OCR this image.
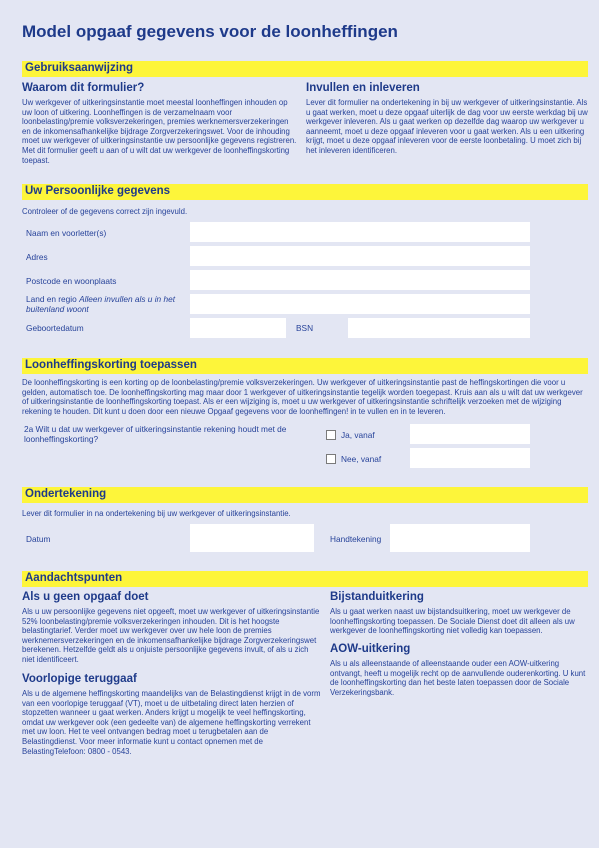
Model opgaaf gegevens voor de loonheffingen
Gebruiksaanwijzing
Waarom dit formulier?
Uw werkgever of uitkeringsinstantie moet meestal loonheffingen inhouden op uw loon of uitkering. Loonheffingen is de verzamelnaam voor loonbelasting/premie volksverzekeringen, premies werknemersverzekeringen en de inkomensafhankelijke bijdrage Zorgverzekeringswet. Voor de inhouding moet uw werkgever of uitkeringsinstantie uw persoonlijke gegevens registreren. Met dit formulier geeft u aan of u wilt dat uw werkgever de loonheffingskorting toepast.
Invullen en inleveren
Lever dit formulier na ondertekening in bij uw werkgever of uitkeringsinstantie. Als u gaat werken, moet u deze opgaaf uiterlijk de dag voor uw eerste werkdag bij uw werkgever inleveren. Als u gaat werken op dezelfde dag waarop uw werkgever u aanneemt, moet u deze opgaaf inleveren voor u gaat werken. Als u een uitkering krijgt, moet u deze opgaaf inleveren voor de eerste loonbetaling. U moet zich bij het inleveren identificeren.
Uw Persoonlijke gegevens
Controleer of de gegevens correct zijn ingevuld.
Naam en voorletter(s)
Adres
Postcode en woonplaats
Land en regio Alleen invullen als u in het buitenland woont
Geboortedatum	BSN
Loonheffingskorting toepassen
De loonheffingskorting is een korting op de loonbelasting/premie volksverzekeringen. Uw werkgever of uitkeringsinstantie past de heffingskortingen die voor u gelden, automatisch toe. De loonheffingskorting mag maar door 1 werkgever of uitkeringsinstantie tegelijk worden toegepast. Kruis aan als u wilt dat uw werkgever of uitkeringsinstantie de loonheffingskorting toepast. Als er een wijziging is, moet u uw werkgever of uitkeringsinstantie schriftelijk verzoeken met de wijziging rekening te houden. Dit kunt u doen door een nieuwe Opgaaf gegevens voor de loonheffingen! in te vullen en in te leveren.
2a Wilt u dat uw werkgever of uitkeringsinstantie rekening houdt met de loonheffingskorting?	Ja, vanaf
Nee, vanaf
Ondertekening
Lever dit formulier in na ondertekening bij uw werkgever of uitkeringsinstantie.
Datum	Handtekening
Aandachtspunten
Als u geen opgaaf doet
Als u uw persoonlijke gegevens niet opgeeft, moet uw werkgever of uitkeringsinstantie 52% loonbelasting/premie volksverzekeringen inhouden. Dit is het hoogste belastingtarief. Verder moet uw werkgever over uw hele loon de premies werknemersverzekeringen en de inkomensafhankelijke bijdrage Zorgverzekeringswet berekenen. Hetzelfde geldt als u onjuiste persoonlijke gegevens invult, of als u zich niet identificeert.
Voorlopige teruggaaf
Als u de algemene heffingskorting maandelijks van de Belastingdienst krijgt in de vorm van een voorlopige teruggaaf (VT), moet u de uitbetaling direct laten herzien of stopzetten wanneer u gaat werken. Anders krijgt u mogelijk te veel heffingskorting, omdat uw werkgever ook (een gedeelte van) de algemene heffingskorting verrekent met uw loon. Het te veel ontvangen bedrag moet u terugbetalen aan de Belastingdienst. Voor meer informatie kunt u contact opnemen met de BelastingTelefoon: 0800 - 0543.
Bijstanduitkering
Als u gaat werken naast uw bijstandsuitkering, moet uw werkgever de loonheffingskorting toepassen. De Sociale Dienst doet dit alleen als uw werkgever de loonheffingskorting niet volledig kan toepassen.
AOW-uitkering
Als u als alleenstaande of alleenstaande ouder een AOW-uitkering ontvangt, heeft u mogelijk recht op de aanvullende ouderenkorting. U kunt de loonheffingskorting dan het beste laten toepassen door de Sociale Verzekeringsbank.
